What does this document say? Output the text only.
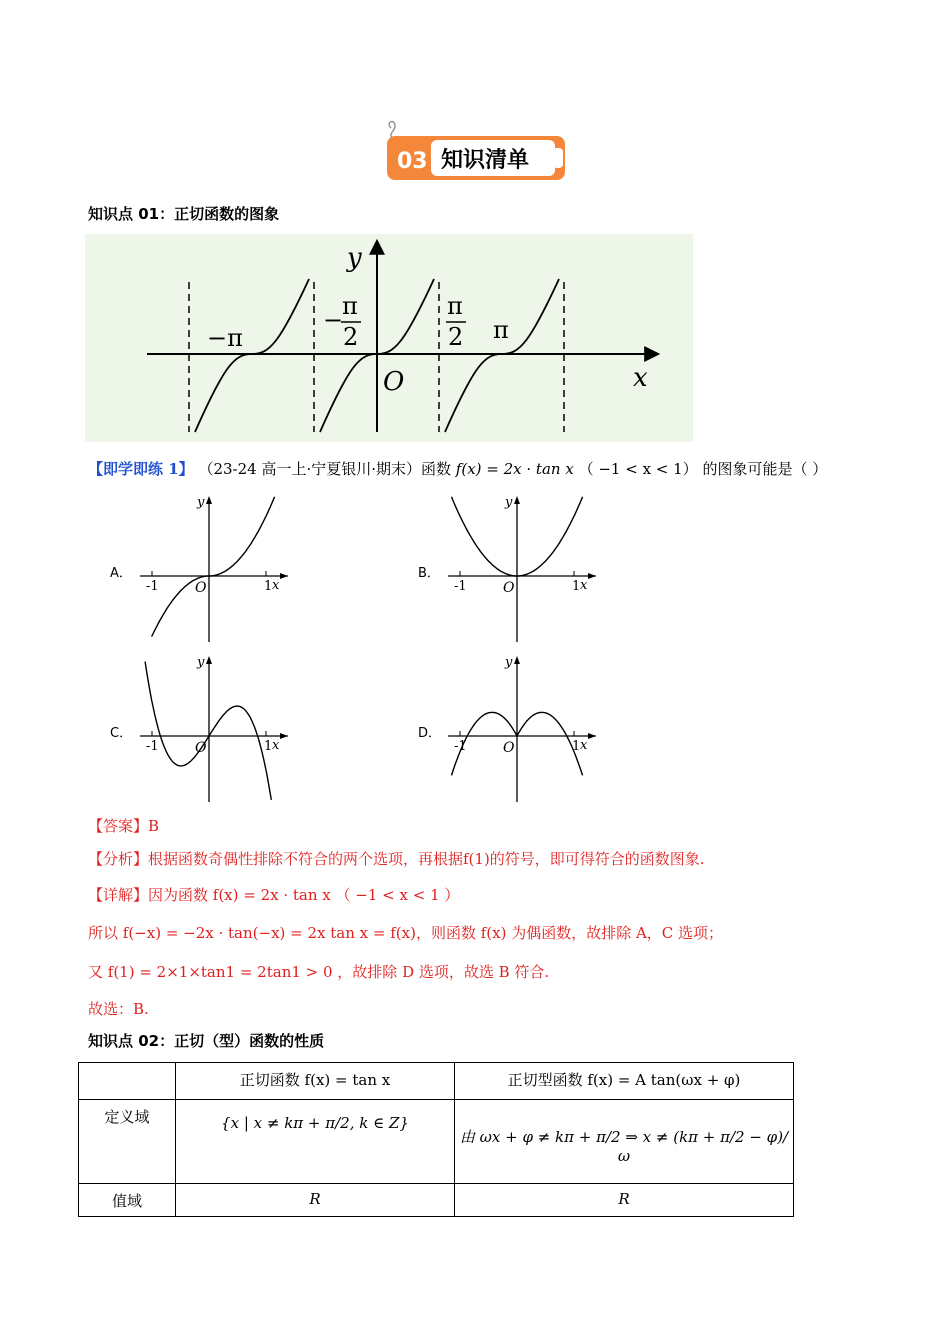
03 知识清单
知识点 01：正切函数的图象
y
x
O
−π
−
π
2
π
2 π
【即学即练 1】 （23-24 高一上·宁夏银川·期末）函数 f(x) = 2x · tan x （ −1 < x < 1） 的图象可能是（ ）
A．
y
x
O
-1	1
B．
y
x
O
-1	1
C．
y
x
O
-1	1
D．
y
x
O
-1	1
【答案】B
【分析】根据函数奇偶性排除不符合的两个选项，再根据f(1)的符号，即可得符合的函数图象.
【详解】因为函数 f(x) = 2x · tan x （ −1 < x < 1 ）
所以 f(−x) = −2x · tan(−x) = 2x tan x = f(x)，则函数 f(x) 为偶函数，故排除 A，C 选项；
又 f(1) = 2×1×tan1 = 2tan1 > 0 ，故排除 D 选项，故选 B 符合.
故选：B.
知识点 02：正切（型）函数的性质
	正切函数 f(x) = tan x	正切型函数 f(x) = A tan(ωx + φ)
定义域	{x | x ≠ kπ + π/2, k ∈ Z}	由 ωx + φ ≠ kπ + π/2 ⇒ x ≠ (kπ + π/2 − φ)/ω
值域	R	R
